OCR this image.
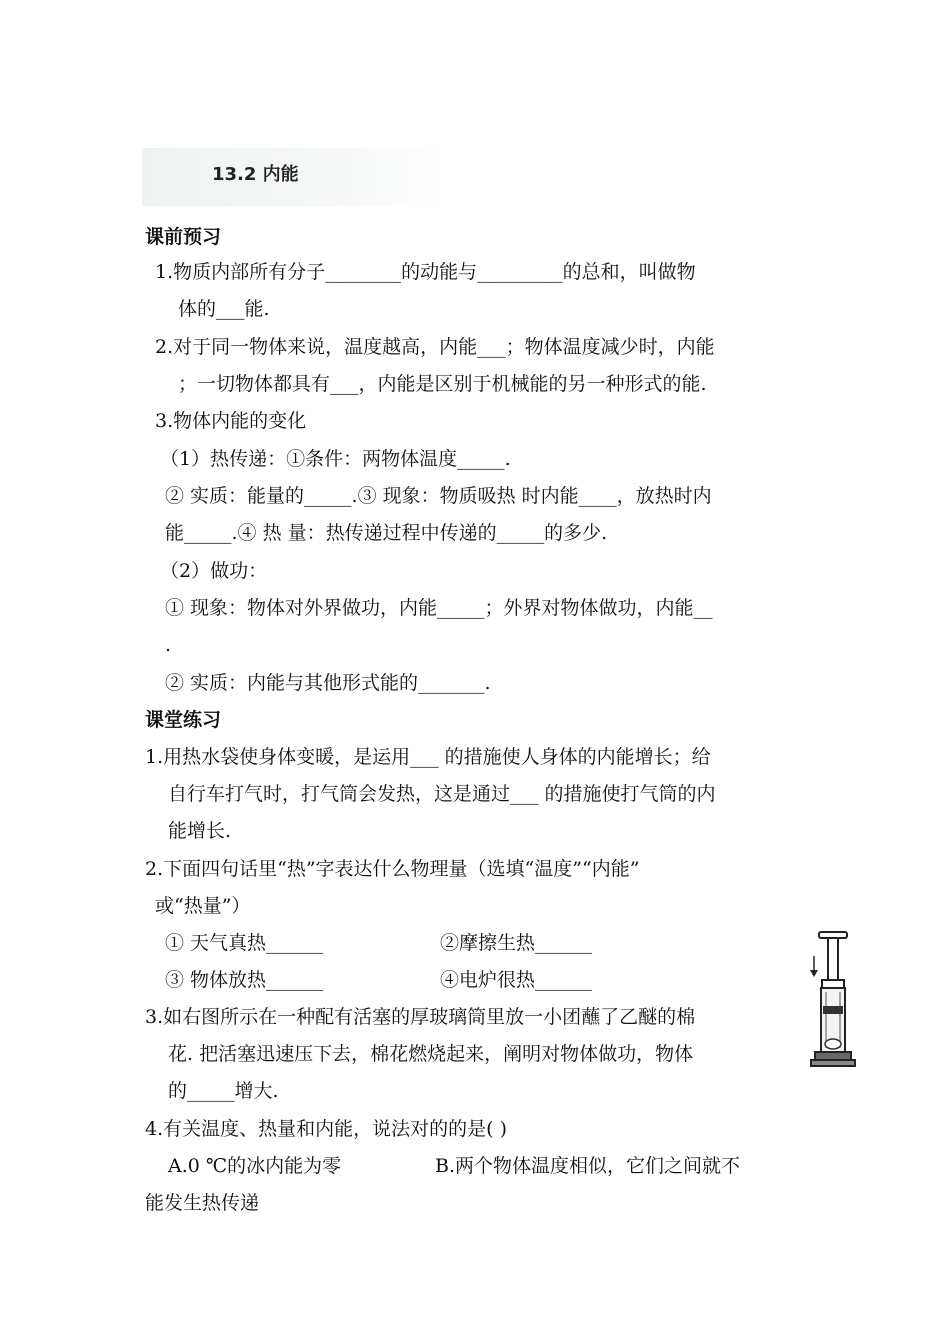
13.2 内能
课前预习
1.物质内部所有分子________的动能与_________的总和，叫做物
体的___能.
2.对于同一物体来说，温度越高，内能___；物体温度减少时，内能
；一切物体都具有___，内能是区别于机械能的另一种形式的能.
3.物体内能的变化
（1）热传递：①条件：两物体温度_____.
② 实质：能量的_____.③ 现象：物质吸热 时内能____，放热时内
能_____.④ 热 量：热传递过程中传递的_____的多少.
（2）做功：
① 现象：物体对外界做功，内能_____；外界对物体做功，内能__
.
② 实质：内能与其他形式能的_______.
课堂练习
1.用热水袋使身体变暖，是运用___ 的措施使人身体的内能增长；给
自行车打气时，打气筒会发热，这是通过___ 的措施使打气筒的内
能增长.
2.下面四句话里“热”字表达什么物理量（选填“温度”“内能”
或“热量”）
① 天气真热______	②摩擦生热______
③ 物体放热______	④电炉很热______
3.如右图所示在一种配有活塞的厚玻璃筒里放一小团蘸了乙醚的棉
花. 把活塞迅速压下去，棉花燃烧起来，阐明对物体做功，物体
的_____增大.
4.有关温度、热量和内能，说法对的的是( )
A.0 ℃的冰内能为零	B.两个物体温度相似，它们之间就不
能发生热传递
